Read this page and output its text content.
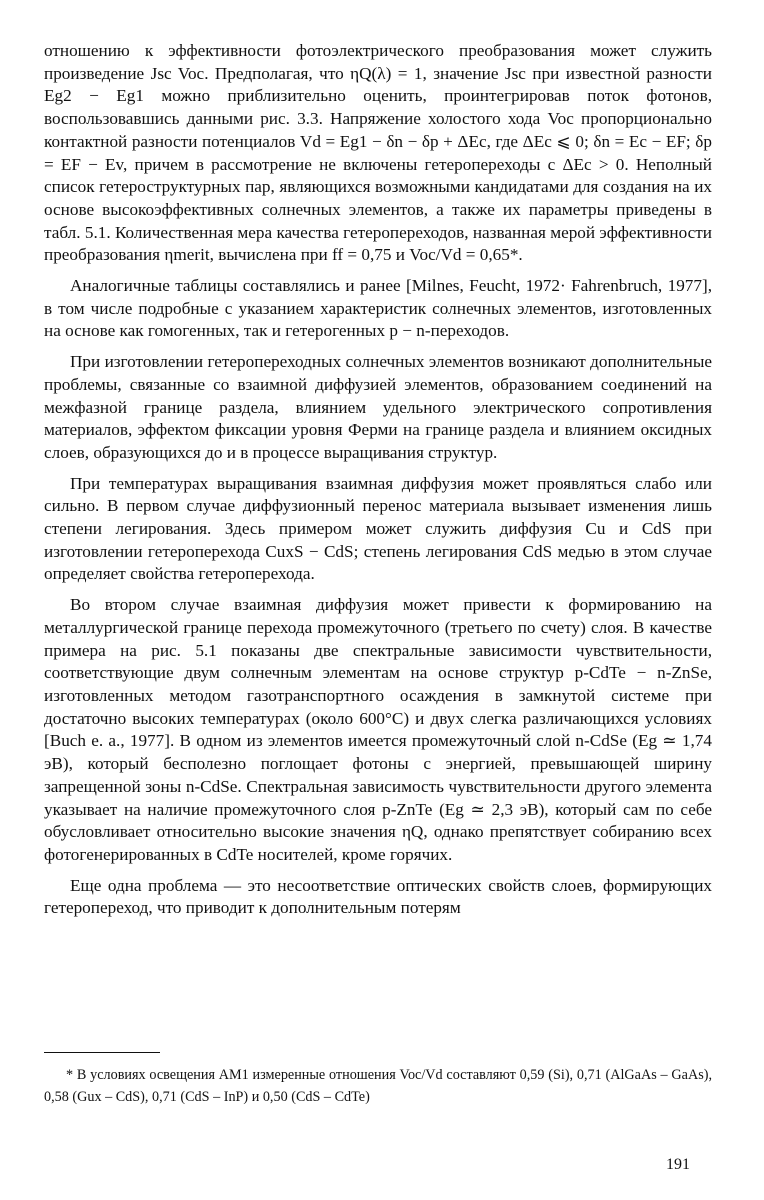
отношению к эффективности фотоэлектрического преобразования может служить произведение Jsc Voc. Предполагая, что ηQ(λ) = 1, значение Jsc при известной разности Eg2 − Eg1 можно приблизительно оценить, проинтегрировав поток фотонов, воспользовавшись данными рис. 3.3. Напряжение холостого хода Voc пропорционально контактной разности потенциалов Vd = Eg1 − δn − δp + ΔEc, где ΔEc ⩽ 0; δn = Ec − EF; δp = EF − Ev, причем в рассмотрение не включены гетеропереходы с ΔEc > 0. Неполный список гетероструктурных пар, являющихся возможными кандидатами для создания на их основе высокоэффективных солнечных элементов, а также их параметры приведены в табл. 5.1. Количественная мера качества гетеропереходов, названная мерой эффективности преобразования ηmerit, вычислена при ff = 0,75 и Voc/Vd = 0,65*.

Аналогичные таблицы составлялись и ранее [Milnes, Feucht, 1972· Fahrenbruch, 1977], в том числе подробные с указанием характеристик солнечных элементов, изготовленных на основе как гомогенных, так и гетерогенных p − n-переходов.

При изготовлении гетеропереходных солнечных элементов возникают дополнительные проблемы, связанные со взаимной диффузией элементов, образованием соединений на межфазной границе раздела, влиянием удельного электрического сопротивления материалов, эффектом фиксации уровня Ферми на границе раздела и влиянием оксидных слоев, образующихся до и в процессе выращивания структур.

При температурах выращивания взаимная диффузия может проявляться слабо или сильно. В первом случае диффузионный перенос материала вызывает изменения лишь степени легирования. Здесь примером может служить диффузия Cu и CdS при изготовлении гетероперехода CuxS − CdS; степень легирования CdS медью в этом случае определяет свойства гетероперехода.

Во втором случае взаимная диффузия может привести к формированию на металлургической границе перехода промежуточного (третьего по счету) слоя. В качестве примера на рис. 5.1 показаны две спектральные зависимости чувствительности, соответствующие двум солнечным элементам на основе структур p-CdTe − n-ZnSe, изготовленных методом газотранспортного осаждения в замкнутой системе при достаточно высоких температурах (около 600°C) и двух слегка различающихся условиях [Buch e. a., 1977]. В одном из элементов имеется промежуточный слой n-CdSe (Eg ≃ 1,74 эВ), который бесполезно поглощает фотоны с энергией, превышающей ширину запрещенной зоны n-CdSe. Спектральная зависимость чувствительности другого элемента указывает на наличие промежуточного слоя p-ZnTe (Eg ≃ 2,3 эВ), который сам по себе обусловливает относительно высокие значения ηQ, однако препятствует собиранию всех фотогенерированных в CdTe носителей, кроме горячих.

Еще одна проблема — это несоответствие оптических свойств слоев, формирующих гетеропереход, что приводит к дополнительным потерям

* В условиях освещения AM1 измеренные отношения Voc/Vd составляют 0,59 (Si), 0,71 (AlGaAs – GaAs), 0,58 (Gux – CdS), 0,71 (CdS – InP) и 0,50 (CdS – CdTe)
191
